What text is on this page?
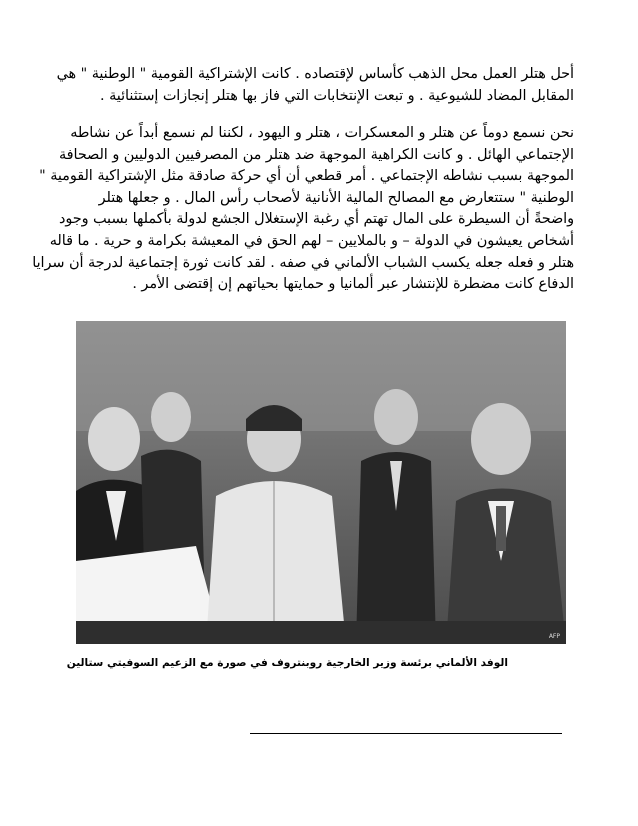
أحل هتلر العمل محل الذهب كأساس لإقتصاده . كانت الإشتراكية القومية " الوطنية " هي
المقابل المضاد للشيوعية . و تبعت الإنتخابات التي فاز بها هتلر إنجازات إستثنائية .
نحن نسمع دوماً عن هتلر و المعسكرات ، هتلر و اليهود ، لكننا لم نسمع أبداً عن نشاطه
الإجتماعي الهائل . و كانت الكراهية الموجهة ضد هتلر من المصرفيين الدوليين و الصحافة
الموجهة بسبب نشاطه الإجتماعي . أمر قطعي أن أي حركة صادقة مثل الإشتراكية القومية "
الوطنية " ستتعارض مع المصالح المالية الأنانية لأصحاب رأس المال . و جعلها هتلر
واضحةً أن السيطرة على المال تهتم أي رغبة الإستغلال الجشع لدولة بأكملها بسبب وجود
أشخاص يعيشون في الدولة – و بالملايين – لهم الحق في المعيشة بكرامة و حرية . ما قاله
هتلر و فعله جعله يكسب الشباب الألماني في صفه . لقد كانت ثورة إجتماعية لدرجة أن سرايا
الدفاع كانت مضطرة للإنتشار عبر ألمانيا و حمايتها بحياتهم إن إقتضى الأمر .
AFP
الوفد الألماني برئسة وزير الخارجية روبنتروف في صورة مع الزعيم السوفيتي ستالين
